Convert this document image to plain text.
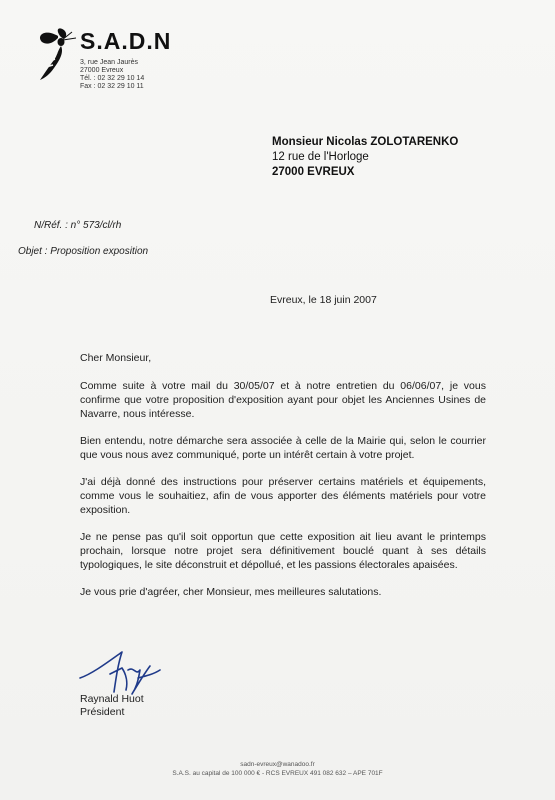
S.A.D.N
3, rue Jean Jaurès
27000 Evreux
Tél. : 02 32 29 10 14
Fax : 02 32 29 10 11
Monsieur Nicolas ZOLOTARENKO
12 rue de l'Horloge
27000 EVREUX
N/Réf. : n° 573/cl/rh
Objet : Proposition exposition
Evreux, le 18 juin 2007

Cher Monsieur,

Comme suite à votre mail du 30/05/07 et à notre entretien du 06/06/07, je vous confirme que votre proposition d'exposition ayant pour objet les Anciennes Usines de Navarre, nous intéresse.

Bien entendu, notre démarche sera associée à celle de la Mairie qui, selon le courrier que vous nous avez communiqué, porte un intérêt certain à votre projet.

J'ai déjà donné des instructions pour préserver certains matériels et équipements, comme vous le souhaitiez, afin de vous apporter des éléments matériels pour votre exposition.

Je ne pense pas qu'il soit opportun que cette exposition ait lieu avant le printemps prochain, lorsque notre projet sera définitivement bouclé quant à ses détails typologiques, le site déconstruit et dépollué, et les passions électorales apaisées.

Je vous prie d'agréer, cher Monsieur, mes meilleures salutations.

Raynald Huot
Président
sadn-evreux@wanadoo.fr
S.A.S. au capital de 100 000 € - RCS EVREUX 491 082 632 – APE 701F
